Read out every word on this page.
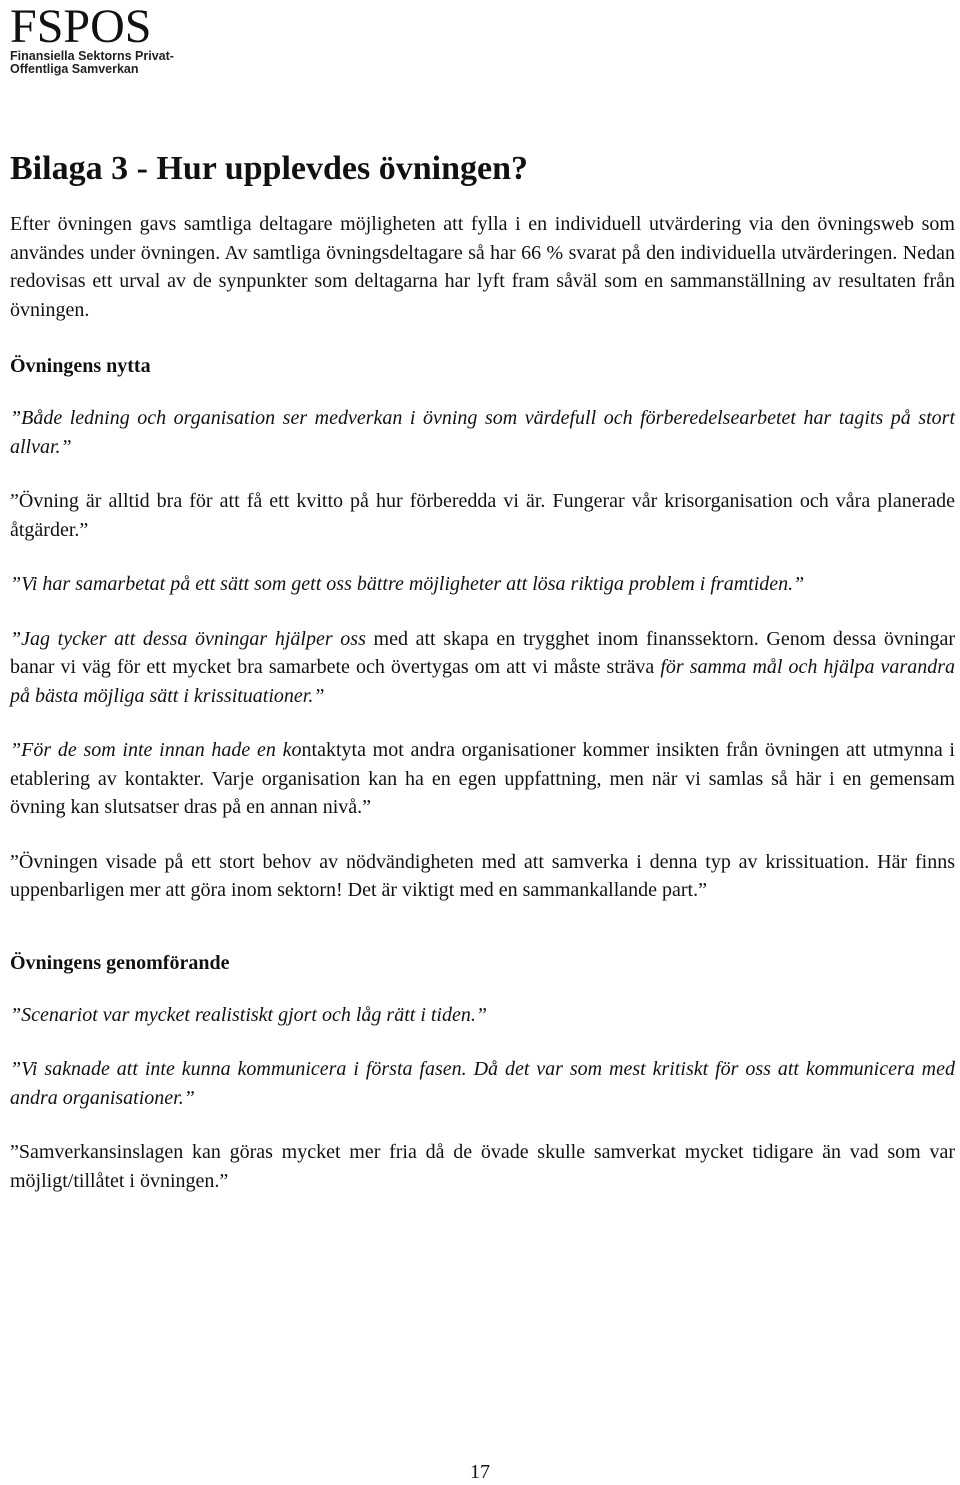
FSPOS
Finansiella Sektorns Privat-
Offentliga Samverkan
Bilaga 3 - Hur upplevdes övningen?

Efter övningen gavs samtliga deltagare möjligheten att fylla i en individuell utvärdering via den övningsweb som användes under övningen. Av samtliga övningsdeltagare så har 66 % svarat på den individuella utvärderingen. Nedan redovisas ett urval av de synpunkter som deltagarna har lyft fram såväl som en sammanställning av resultaten från övningen.

Övningens nytta

”Både ledning och organisation ser medverkan i övning som värdefull och förberedelsearbetet har tagits på stort allvar.”

”Övning är alltid bra för att få ett kvitto på hur förberedda vi är. Fungerar vår krisorganisation och våra planerade åtgärder.”

”Vi har samarbetat på ett sätt som gett oss bättre möjligheter att lösa riktiga problem i framtiden.”

”Jag tycker att dessa övningar hjälper oss med att skapa en trygghet inom finanssektorn. Genom dessa övningar banar vi väg för ett mycket bra samarbete och övertygas om att vi måste sträva för samma mål och hjälpa varandra på bästa möjliga sätt i krissituationer.”

”För de som inte innan hade en kontaktyta mot andra organisationer kommer insikten från övningen att utmynna i etablering av kontakter. Varje organisation kan ha en egen uppfattning, men när vi samlas så här i en gemensam övning kan slutsatser dras på en annan nivå.”

”Övningen visade på ett stort behov av nödvändigheten med att samverka i denna typ av krissituation. Här finns uppenbarligen mer att göra inom sektorn! Det är viktigt med en sammankallande part.”

Övningens genomförande

”Scenariot var mycket realistiskt gjort och låg rätt i tiden.”

”Vi saknade att inte kunna kommunicera i första fasen. Då det var som mest kritiskt för oss att kommunicera med andra organisationer.”

”Samverkansinslagen kan göras mycket mer fria då de övade skulle samverkat mycket tidigare än vad som var möjligt/tillåtet i övningen.”

17
